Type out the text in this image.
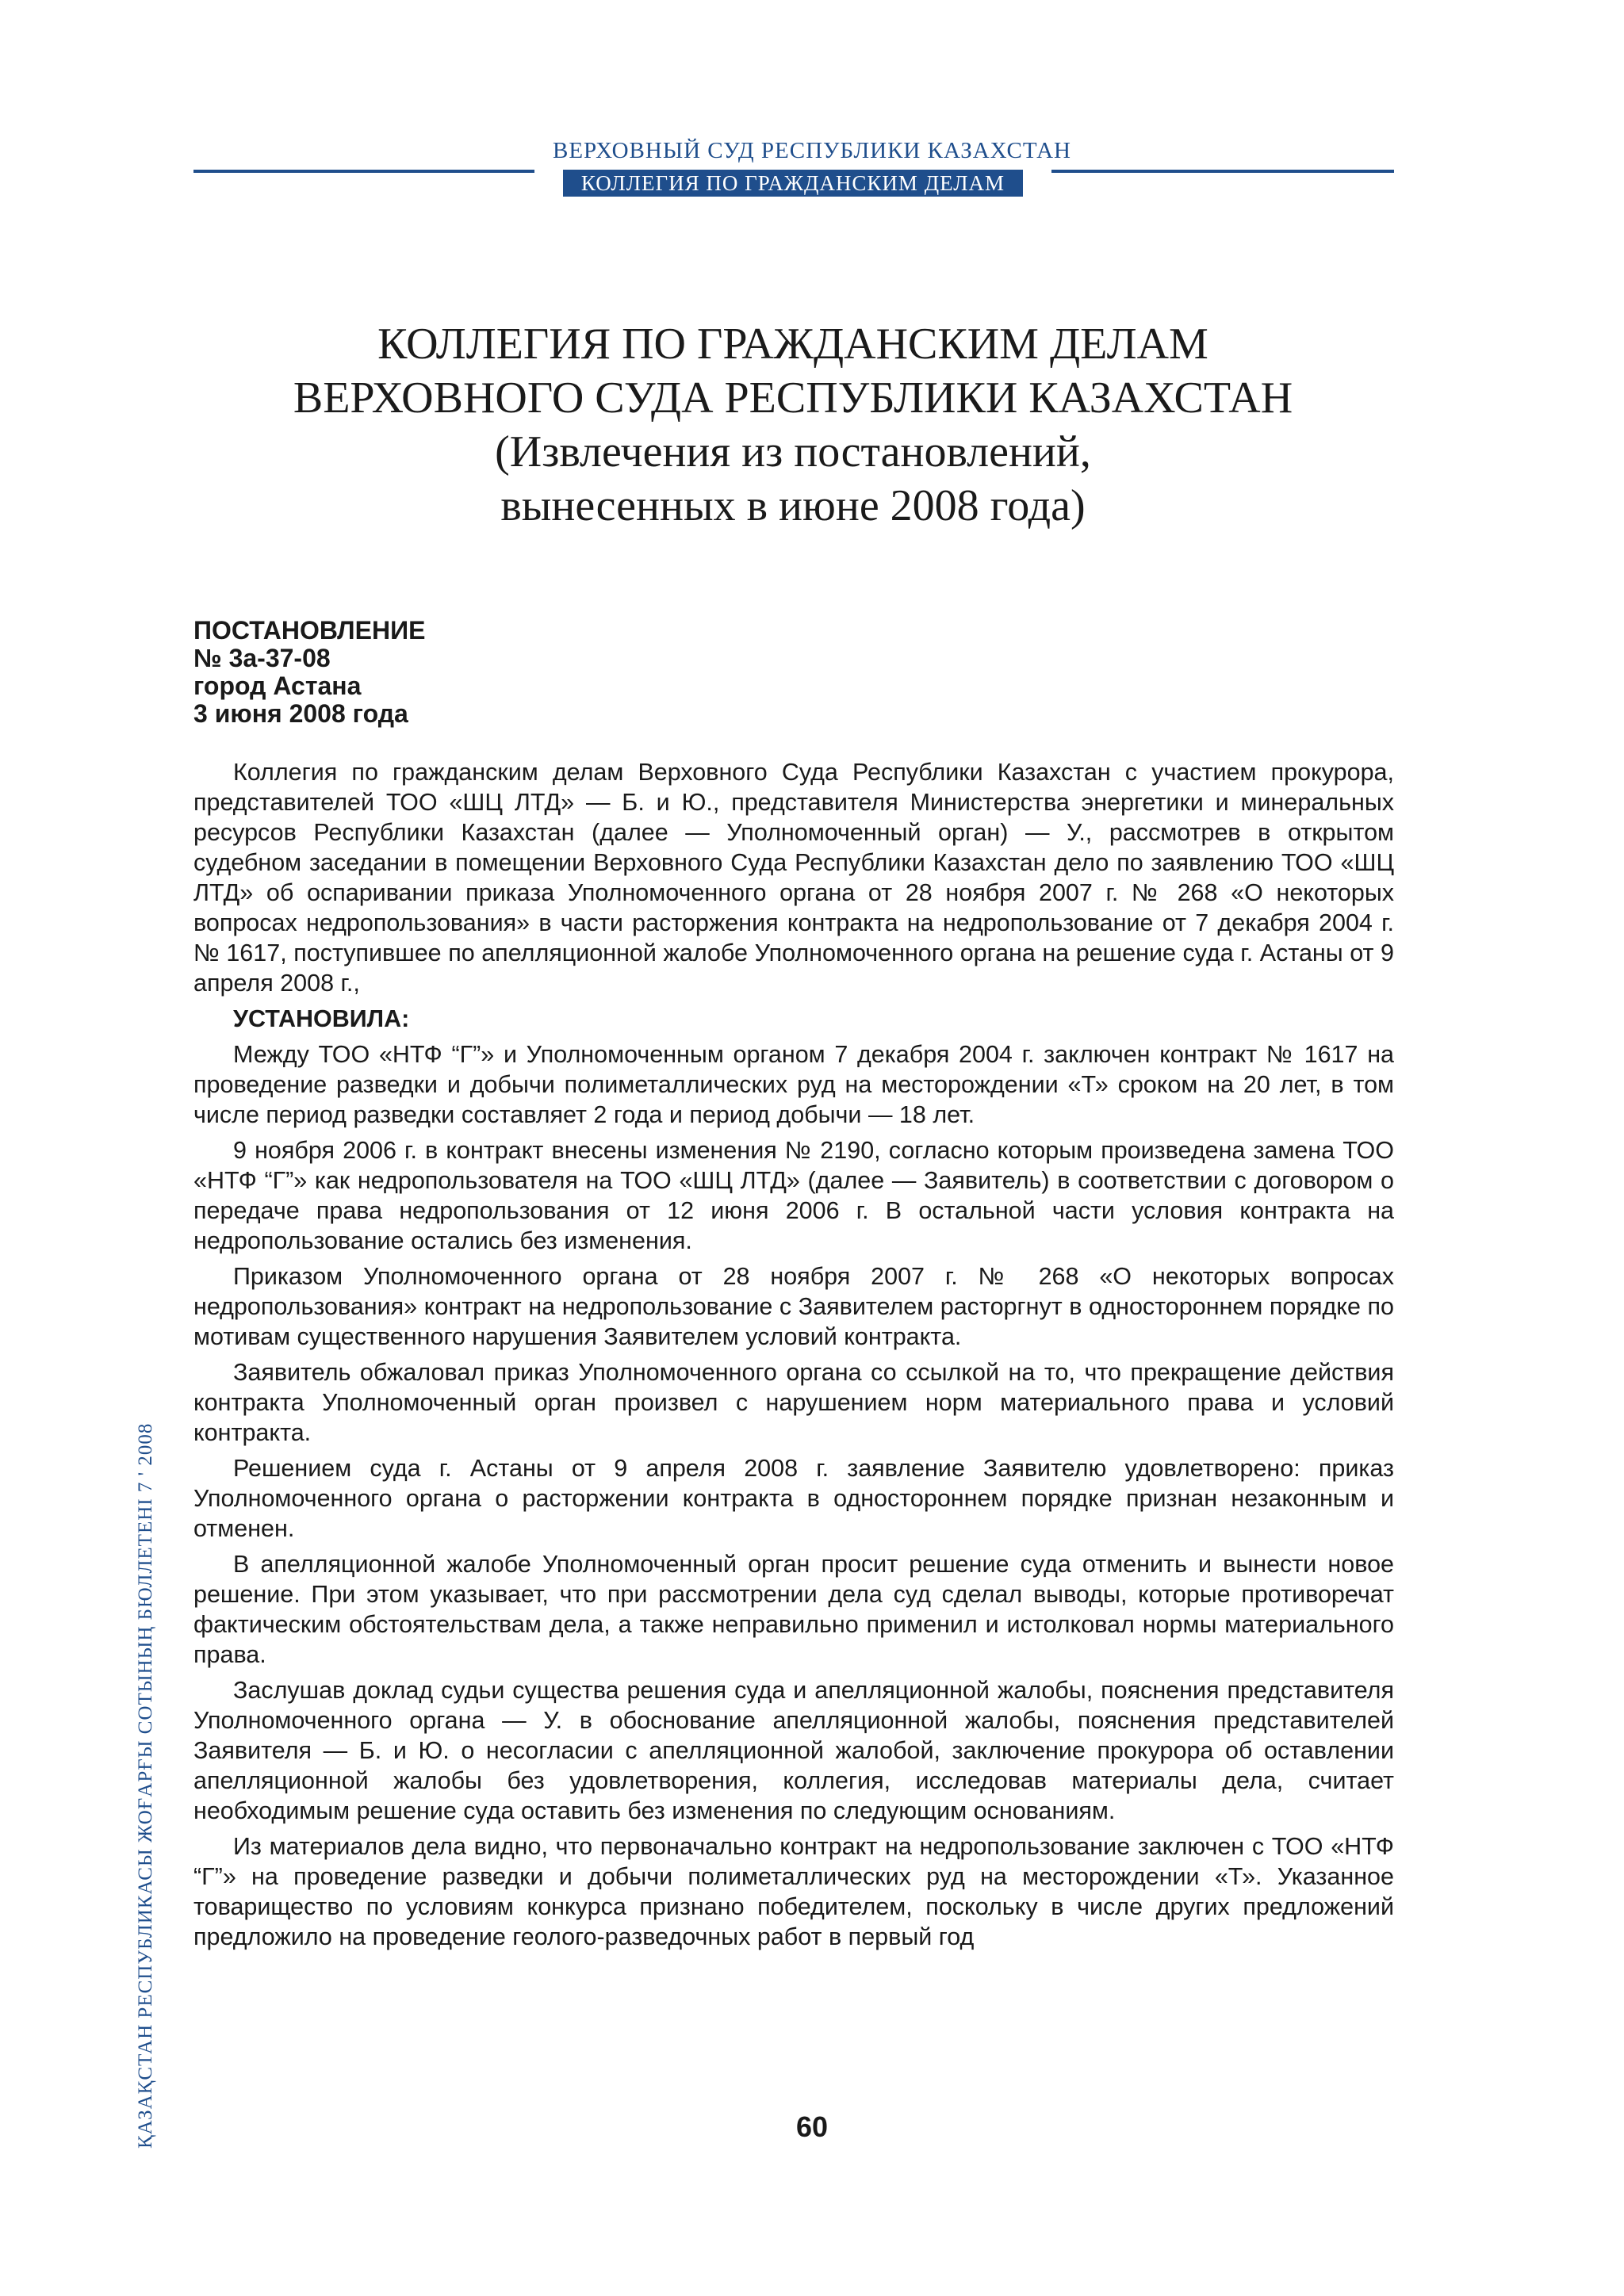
ВЕРХОВНЫЙ СУД РЕСПУБЛИКИ КАЗАХСТАН
КОЛЛЕГИЯ ПО ГРАЖДАНСКИМ ДЕЛАМ
КОЛЛЕГИЯ ПО ГРАЖДАНСКИМ ДЕЛАМ
ВЕРХОВНОГО СУДА РЕСПУБЛИКИ КАЗАХСТАН
(Извлечения из постановлений,
вынесенных в июне 2008 года)
ПОСТАНОВЛЕНИЕ
№ 3а-37-08
город Астана
3 июня 2008 года

Коллегия по гражданским делам Верховного Суда Республики Казахстан с участием прокурора, представителей ТОО «ШЦ ЛТД» — Б. и Ю., представителя Министерства энергетики и минеральных ресурсов Республики Казахстан (далее — Уполномоченный орган) — У., рассмотрев в открытом судебном заседании в помещении Верховного Суда Республики Казахстан дело по заявлению ТОО «ШЦ ЛТД» об оспаривании приказа Уполномоченного органа от 28 ноября 2007 г. № 268 «О некоторых вопросах недропользования» в части расторжения контракта на недропользование от 7 декабря 2004 г. № 1617, поступившее по апелляционной жалобе Уполномоченного органа на решение суда г. Астаны от 9 апреля 2008 г.,

УСТАНОВИЛА:

Между ТОО «НТФ “Г”» и Уполномоченным органом 7 декабря 2004 г. заключен контракт № 1617 на проведение разведки и добычи полиметаллических руд на месторождении «Т» сроком на 20 лет, в том числе период разведки составляет 2 года и период добычи — 18 лет.

9 ноября 2006 г. в контракт внесены изменения № 2190, согласно которым произведена замена ТОО «НТФ “Г”» как недропользователя на ТОО «ШЦ ЛТД» (далее — Заявитель) в соответствии с договором о передаче права недропользования от 12 июня 2006 г. В остальной части условия контракта на недропользование остались без изменения.

Приказом Уполномоченного органа от 28 ноября 2007 г. № 268 «О некоторых вопросах недропользования» контракт на недропользование с Заявителем расторгнут в одностороннем порядке по мотивам существенного нарушения Заявителем условий контракта.

Заявитель обжаловал приказ Уполномоченного органа со ссылкой на то, что прекращение действия контракта Уполномоченный орган произвел с нарушением норм материального права и условий контракта.

Решением суда г. Астаны от 9 апреля 2008 г. заявление Заявителю удовлетворено: приказ Уполномоченного органа о расторжении контракта в одностороннем порядке признан незаконным и отменен.

В апелляционной жалобе Уполномоченный орган просит решение суда отменить и вынести новое решение. При этом указывает, что при рассмотрении дела суд сделал выводы, которые противоречат фактическим обстоятельствам дела, а также неправильно применил и истолковал нормы материального права.

Заслушав доклад судьи существа решения суда и апелляционной жалобы, пояснения представителя Уполномоченного органа — У. в обоснование апелляционной жалобы, пояснения представителей Заявителя — Б. и Ю. о несогласии с апелляционной жалобой, заключение прокурора об оставлении апелляционной жалобы без удовлетворения, коллегия, исследовав материалы дела, считает необходимым решение суда оставить без изменения по следующим основаниям.

Из материалов дела видно, что первоначально контракт на недропользование заключен с ТОО «НТФ “Г”» на проведение разведки и добычи полиметаллических руд на месторождении «Т». Указанное товарищество по условиям конкурса признано победителем, поскольку в числе других предложений предложило на проведение геолого-разведочных работ в первый год

ҚАЗАҚСТАН РЕСПУБЛИКАСЫ ЖОҒАРҒЫ СОТЫНЫҢ БЮЛЛЕТЕНІ 7 ' 2008	60
